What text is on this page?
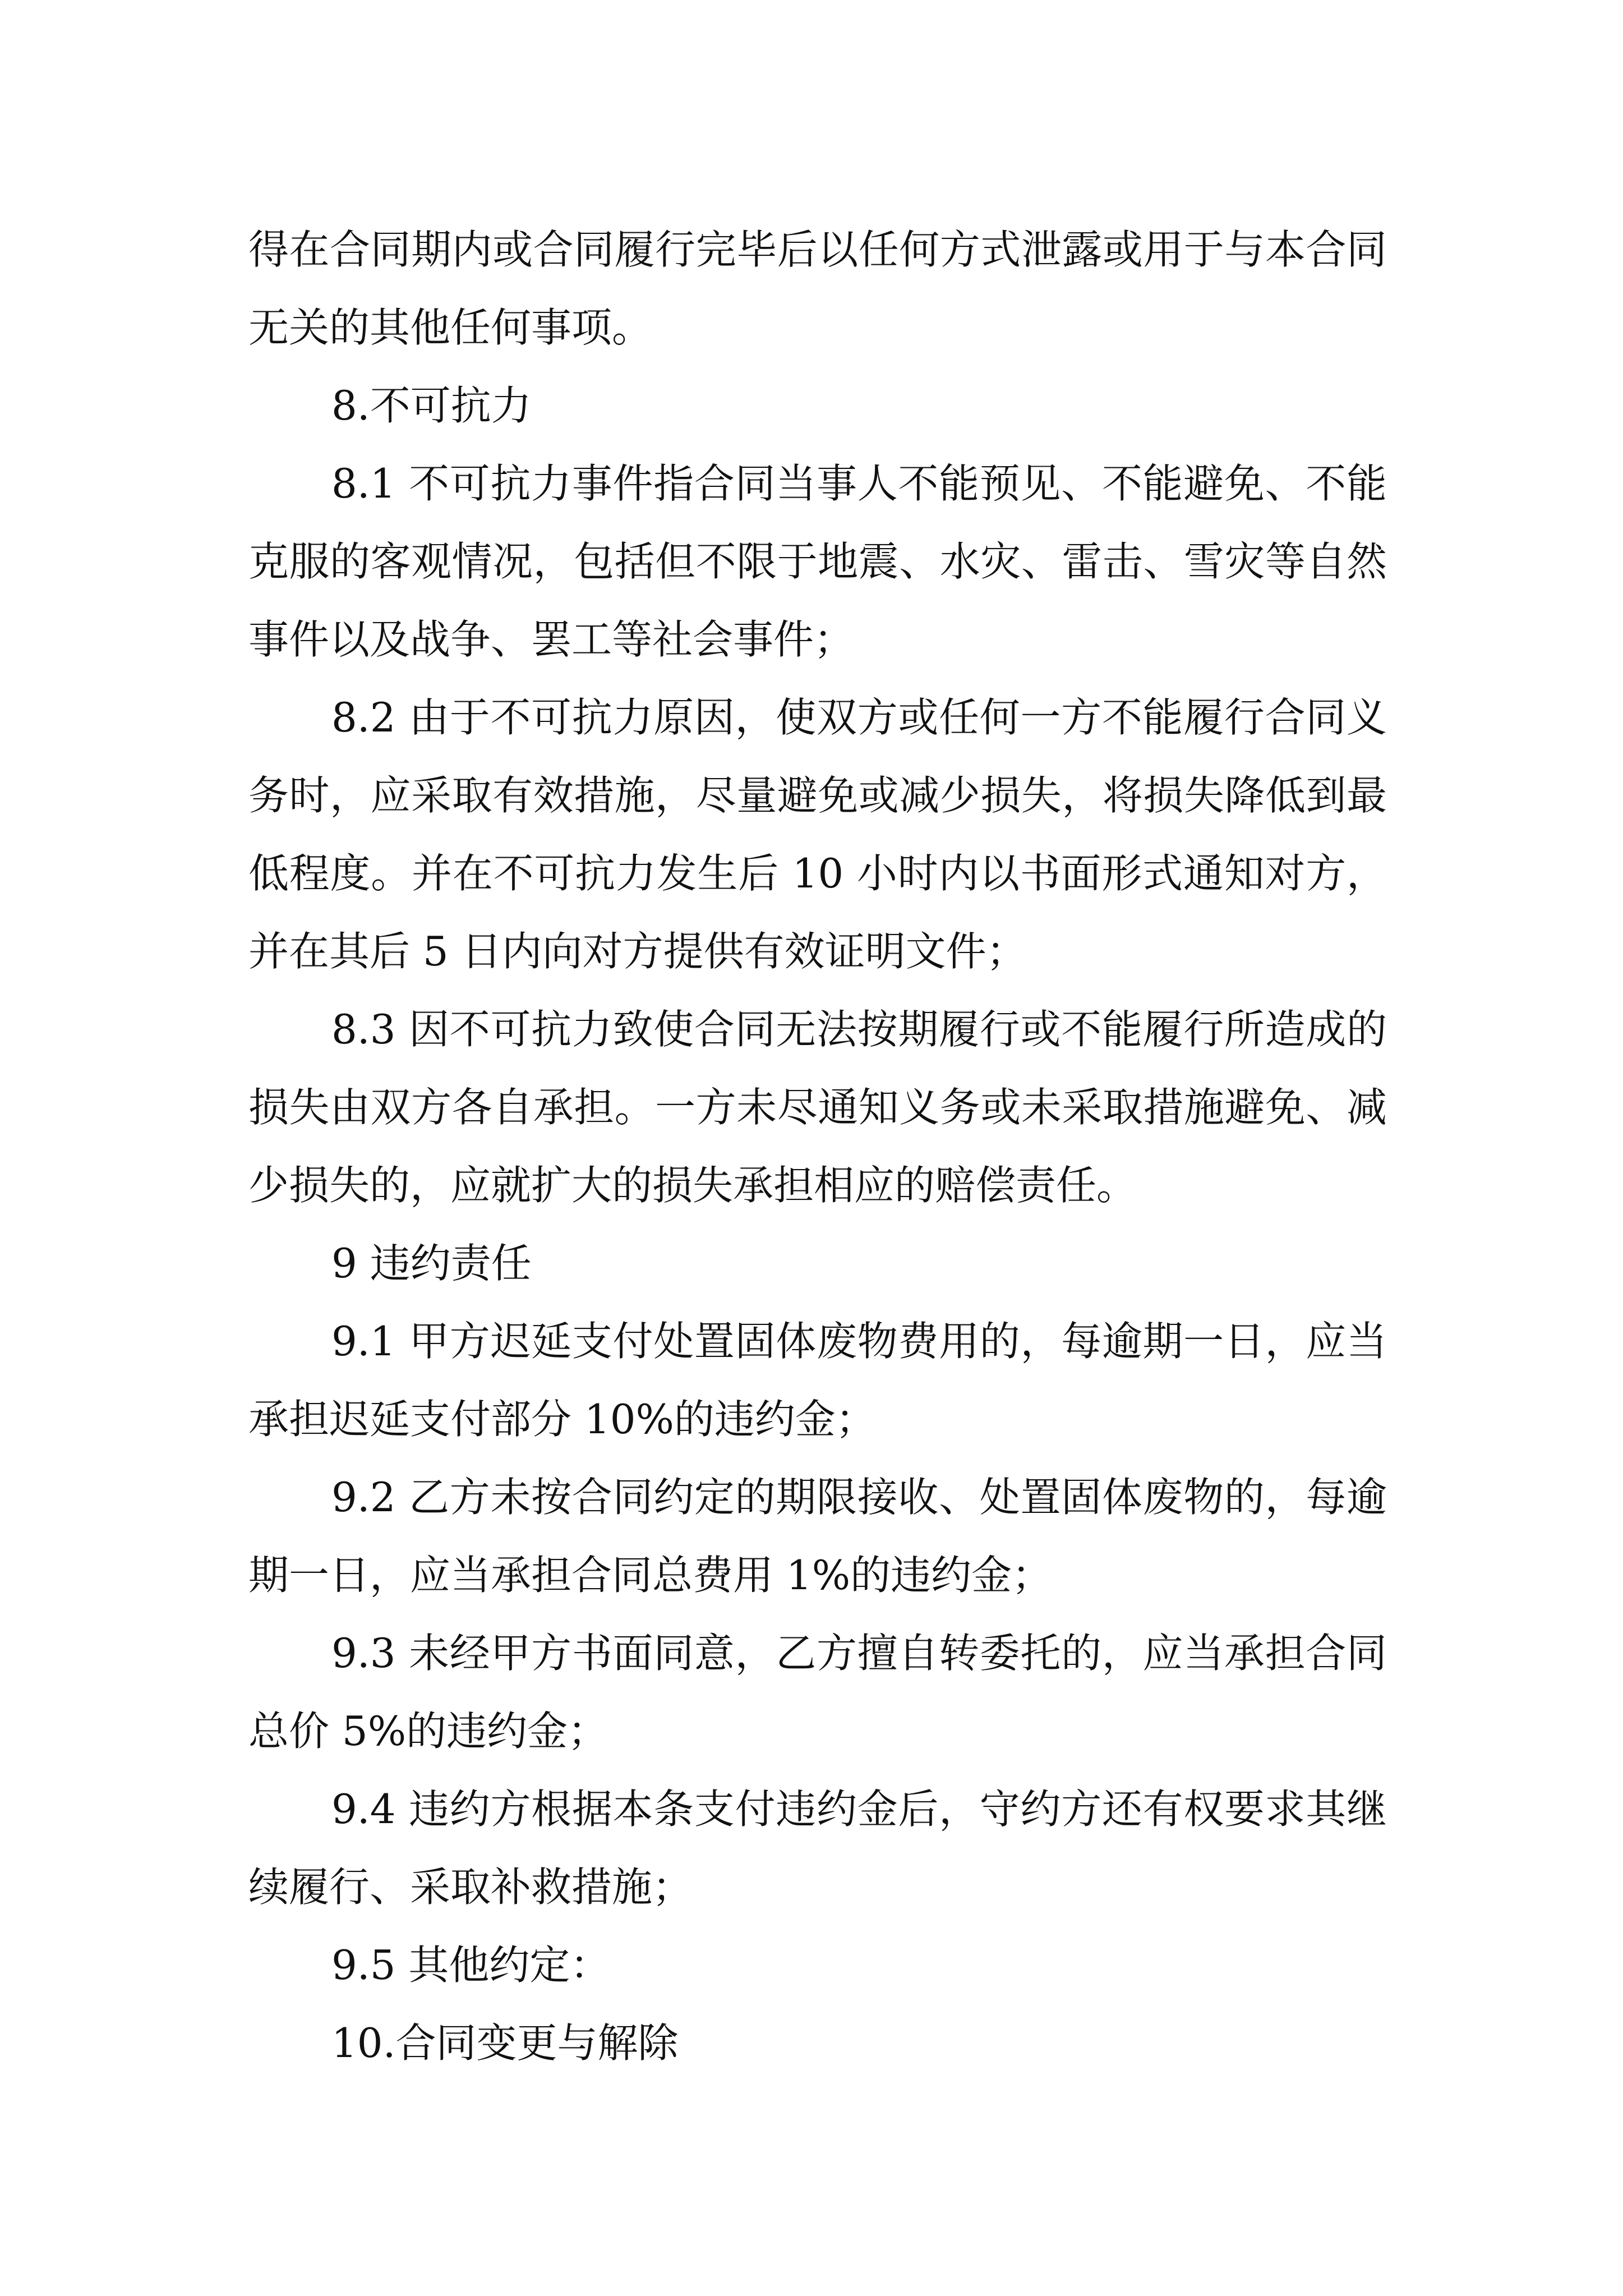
得在合同期内或合同履行完毕后以任何方式泄露或用于与本合同无关的其他任何事项。

8.不可抗力

8.1 不可抗力事件指合同当事人不能预见、不能避免、不能克服的客观情况，包括但不限于地震、水灾、雷击、雪灾等自然事件以及战争、罢工等社会事件；

8.2 由于不可抗力原因，使双方或任何一方不能履行合同义务时，应采取有效措施，尽量避免或减少损失，将损失降低到最低程度。并在不可抗力发生后 10 小时内以书面形式通知对方，并在其后 5 日内向对方提供有效证明文件；

8.3 因不可抗力致使合同无法按期履行或不能履行所造成的损失由双方各自承担。一方未尽通知义务或未采取措施避免、减少损失的，应就扩大的损失承担相应的赔偿责任。

9 违约责任

9.1 甲方迟延支付处置固体废物费用的，每逾期一日，应当承担迟延支付部分 10%的违约金；

9.2 乙方未按合同约定的期限接收、处置固体废物的，每逾期一日，应当承担合同总费用 1%的违约金；

9.3 未经甲方书面同意，乙方擅自转委托的，应当承担合同总价 5%的违约金；

9.4 违约方根据本条支付违约金后，守约方还有权要求其继续履行、采取补救措施；

9.5 其他约定：

10.合同变更与解除
